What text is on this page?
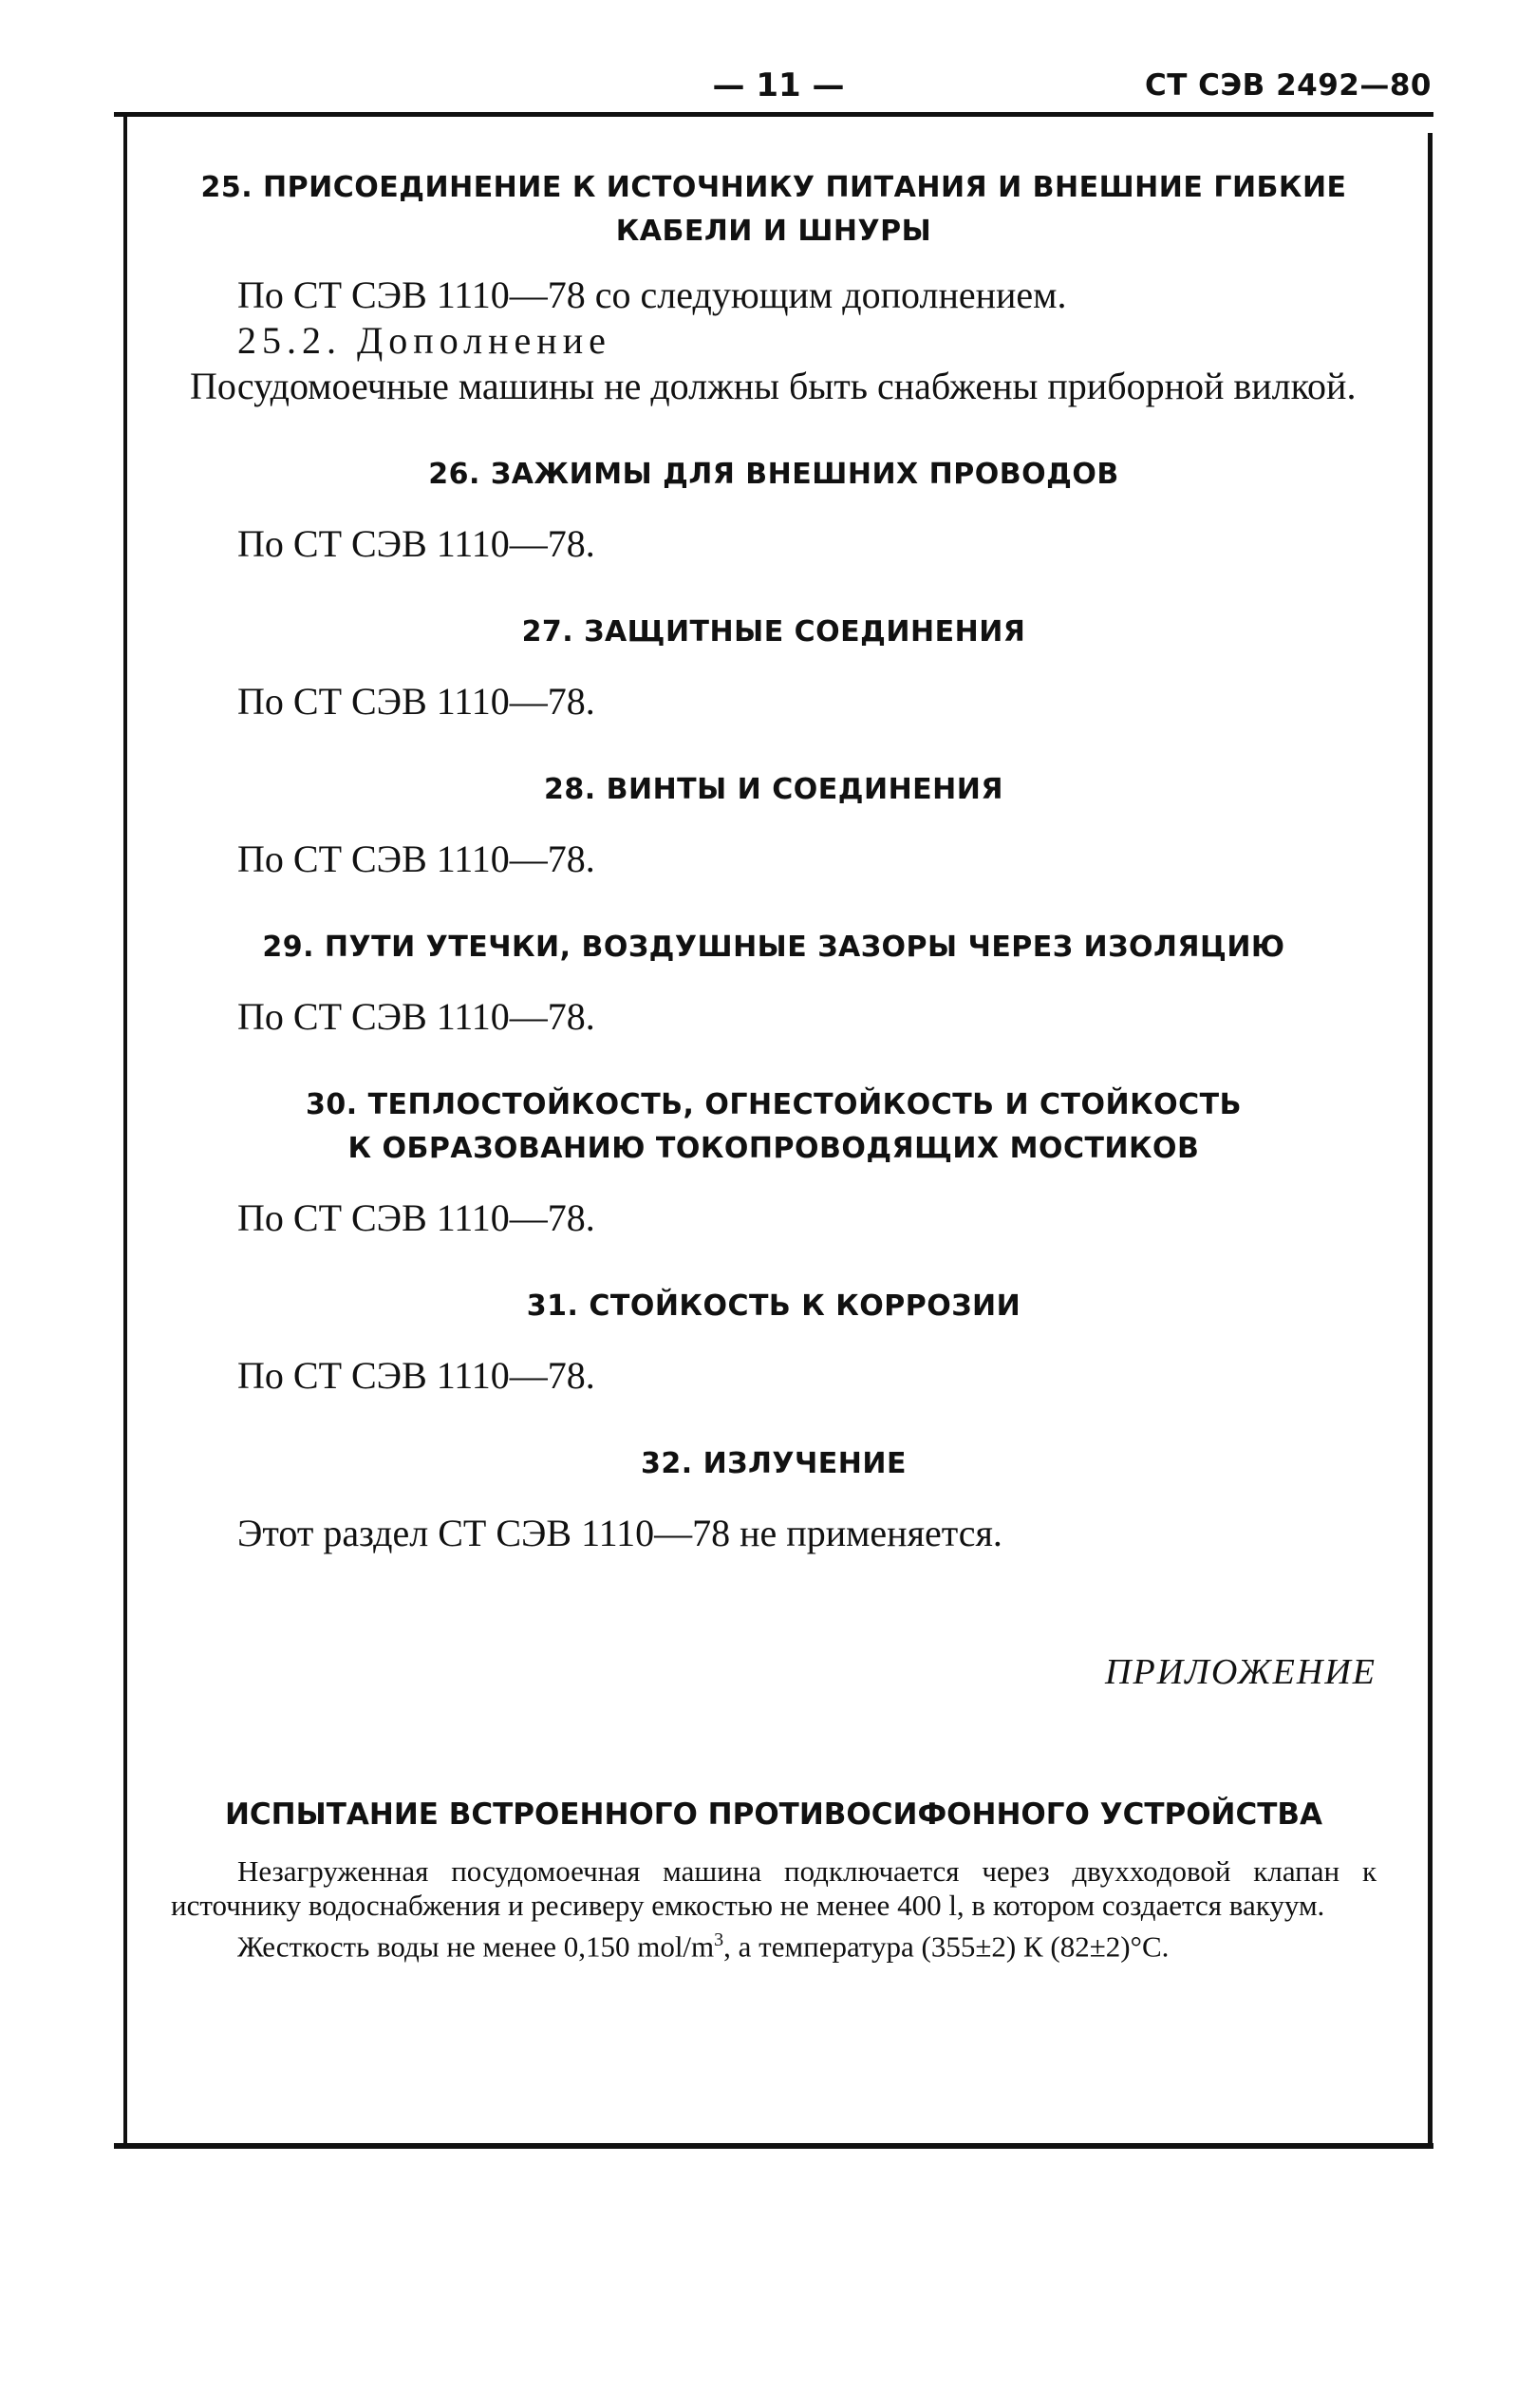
— 11 —	СТ СЭВ 2492—80
25. ПРИСОЕДИНЕНИЕ К ИСТОЧНИКУ ПИТАНИЯ И ВНЕШНИЕ ГИБКИЕ
КАБЕЛИ И ШНУРЫ
По СТ СЭВ 1110—78 со следующим дополнением.
25.2. Дополнение
Посудомоечные машины не должны быть снабжены приборной вилкой.
26. ЗАЖИМЫ ДЛЯ ВНЕШНИХ ПРОВОДОВ
По СТ СЭВ 1110—78.
27. ЗАЩИТНЫЕ СОЕДИНЕНИЯ
По СТ СЭВ 1110—78.
28. ВИНТЫ И СОЕДИНЕНИЯ
По СТ СЭВ 1110—78.
29. ПУТИ УТЕЧКИ, ВОЗДУШНЫЕ ЗАЗОРЫ ЧЕРЕЗ ИЗОЛЯЦИЮ
По СТ СЭВ 1110—78.
30. ТЕПЛОСТОЙКОСТЬ, ОГНЕСТОЙКОСТЬ И СТОЙКОСТЬ
К ОБРАЗОВАНИЮ ТОКОПРОВОДЯЩИХ МОСТИКОВ
По СТ СЭВ 1110—78.
31. СТОЙКОСТЬ К КОРРОЗИИ
По СТ СЭВ 1110—78.
32. ИЗЛУЧЕНИЕ
Этот раздел СТ СЭВ 1110—78 не применяется.
ПРИЛОЖЕНИЕ
ИСПЫТАНИЕ ВСТРОЕННОГО ПРОТИВОСИФОННОГО УСТРОЙСТВА
Незагруженная посудомоечная машина подключается через двухходовой клапан к источнику водоснабжения и ресиверу емкостью не менее 400 l, в котором создается вакуум.
Жесткость воды не менее 0,150 mol/$m^3$, а температура (355±2) К (82±2)°С.
